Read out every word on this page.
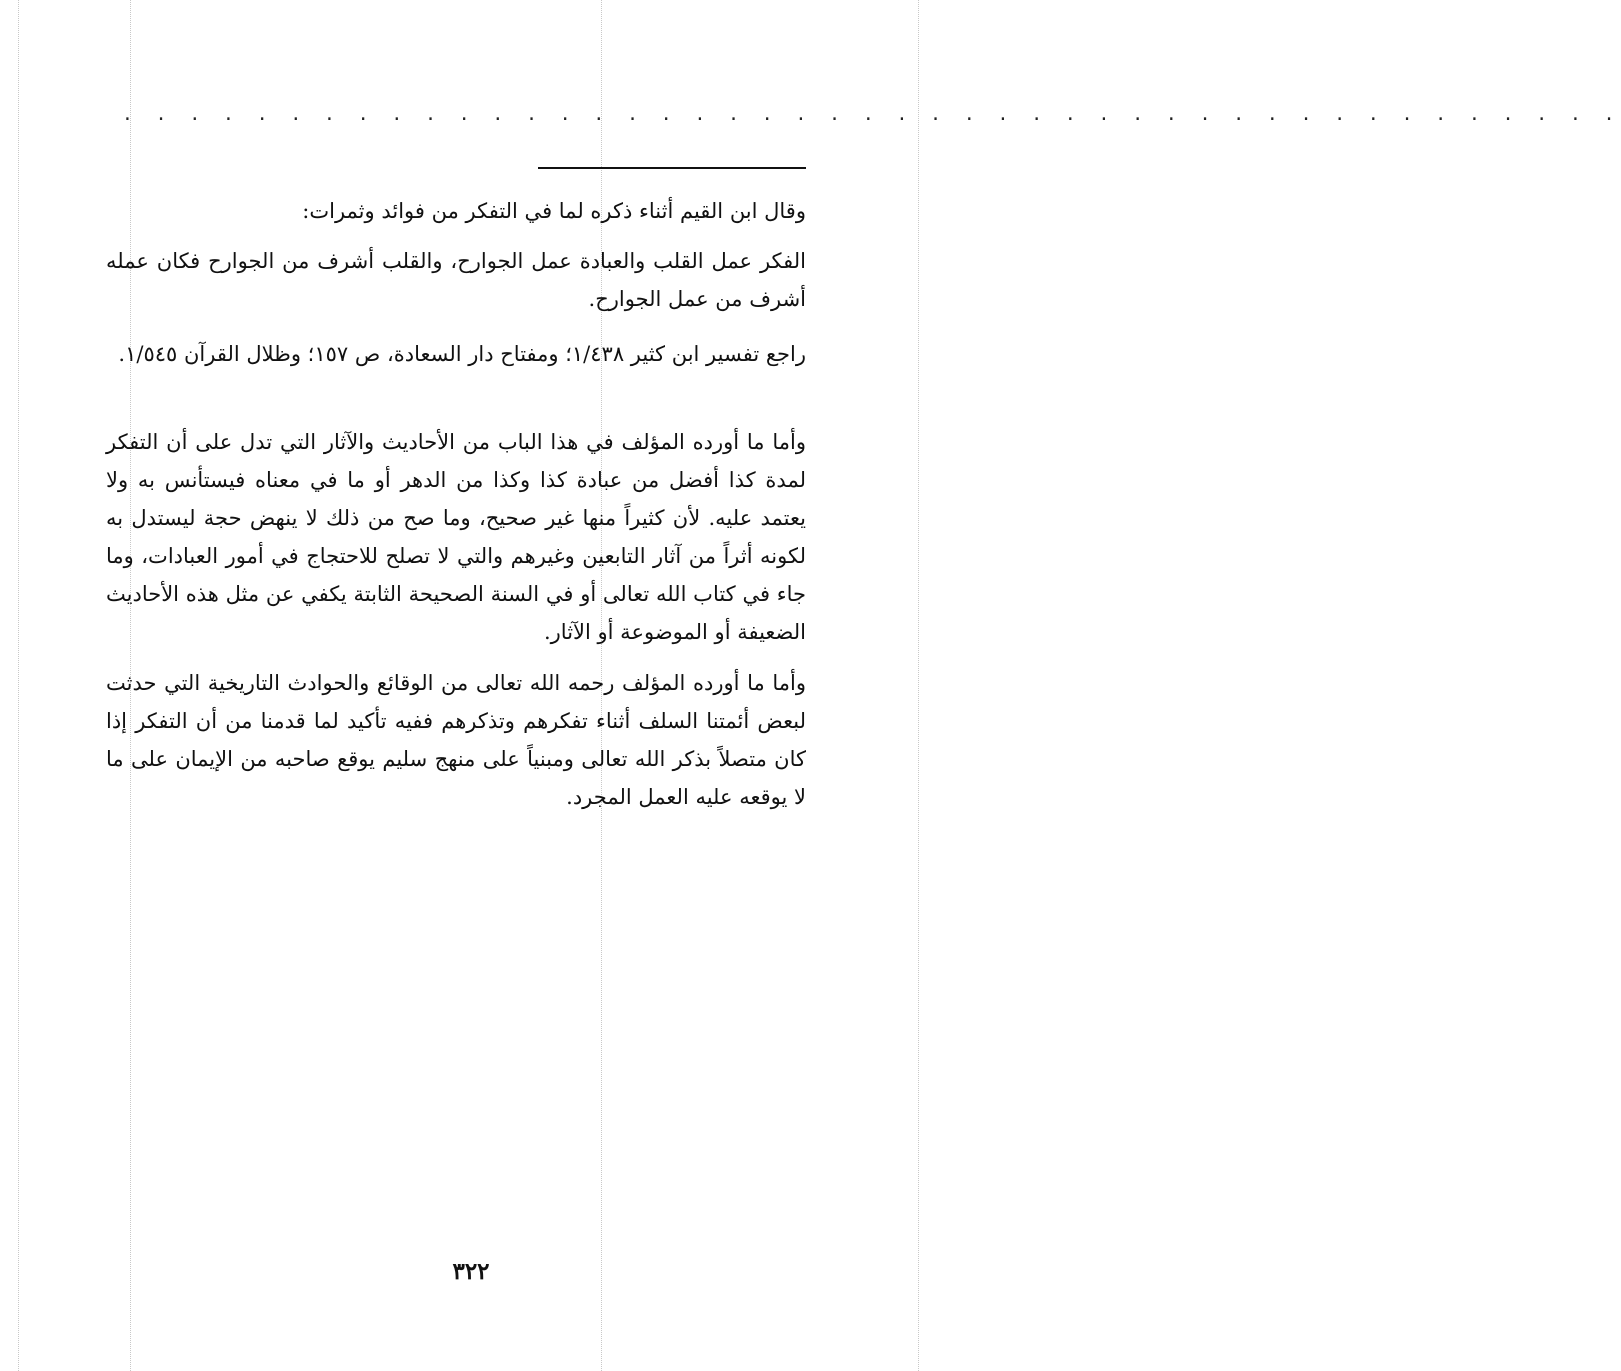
. . . . . . . . . . . . . . . . . . . . . . . . . . . . . . . . . . . . . . . . . . . . .

وقال ابن القيم أثناء ذكره لما في التفكر من فوائد وثمرات:

الفكر عمل القلب والعبادة عمل الجوارح، والقلب أشرف من الجوارح فكان عمله أشرف من عمل الجوارح.

راجع تفسير ابن كثير ١/٤٣٨؛ ومفتاح دار السعادة، ص ١٥٧؛ وظلال القرآن ١/٥٤٥.

وأما ما أورده المؤلف في هذا الباب من الأحاديث والآثار التي تدل على أن التفكر لمدة كذا أفضل من عبادة كذا وكذا من الدهر أو ما في معناه فيستأنس به ولا يعتمد عليه. لأن كثيراً منها غير صحيح، وما صح من ذلك لا ينهض حجة ليستدل به لكونه أثراً من آثار التابعين وغيرهم والتي لا تصلح للاحتجاج في أمور العبادات، وما جاء في كتاب الله تعالى أو في السنة الصحيحة الثابتة يكفي عن مثل هذه الأحاديث الضعيفة أو الموضوعة أو الآثار.

وأما ما أورده المؤلف رحمه الله تعالى من الوقائع والحوادث التاريخية التي حدثت لبعض أئمتنا السلف أثناء تفكرهم وتذكرهم ففيه تأكيد لما قدمنا من أن التفكر إذا كان متصلاً بذكر الله تعالى ومبنياً على منهج سليم يوقع صاحبه من الإيمان على ما لا يوقعه عليه العمل المجرد.

٣٢٢
